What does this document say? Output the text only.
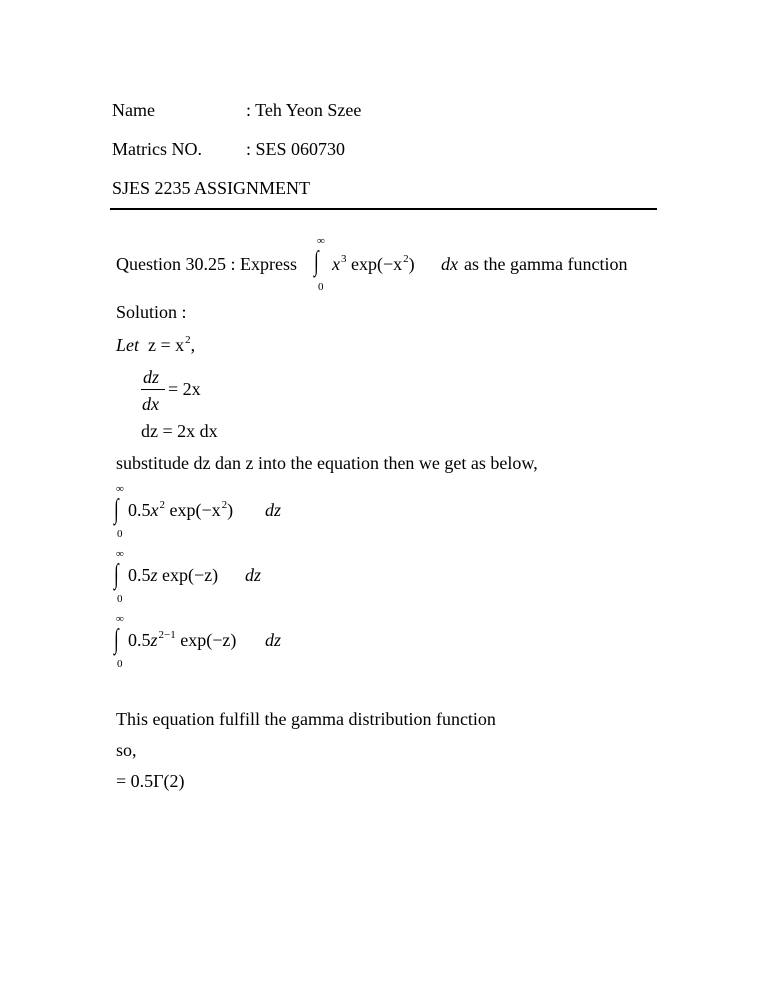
Name	: Teh Yeon Szee
Matrics NO. : SES 060730
SJES 2235 ASSIGNMENT
Question 30.25 : Express
∞
∫
0
$x^3$ $\exp(-x^2)$ dx as the gamma function
Solution :
Let $z = x^2$,
dz
dx
= 2x
dz = 2x dx
substitude dz dan z into the equation then we get as below,
∞
∫
0
$0.5x^2$ $\exp(-x^2)$ dz
∞
∫
0
0.5z exp(−z) dz
∞
∫
0
$0.5z^{2-1}$ exp(−z) dz
This equation fulfill the gamma distribution function
so,
= 0.5Γ(2)
